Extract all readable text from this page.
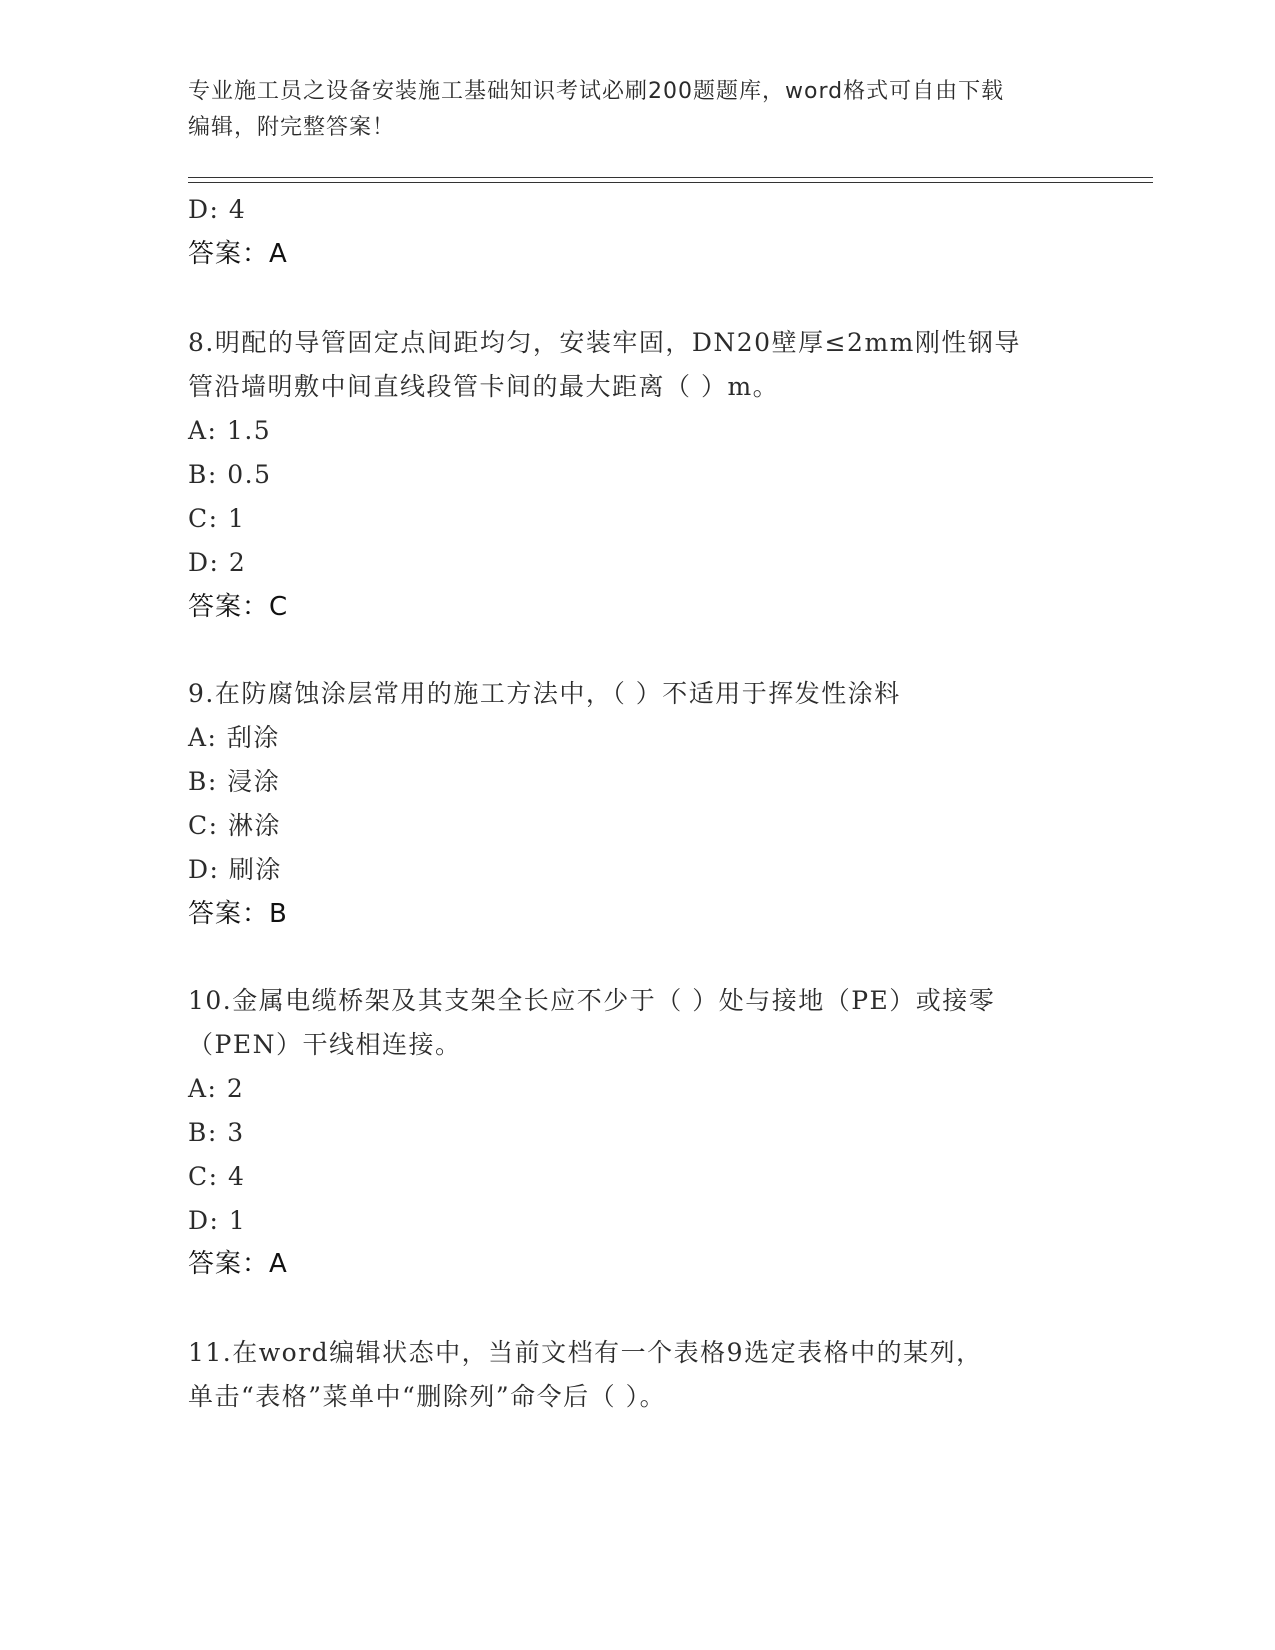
专业施工员之设备安装施工基础知识考试必刷200题题库，word格式可自由下载
编辑，附完整答案！
D: 4
答案：A
8.明配的导管固定点间距均匀，安装牢固，DN20壁厚≤2mm刚性钢导
管沿墙明敷中间直线段管卡间的最大距离（ ）m。
A: 1.5
B: 0.5
C: 1
D: 2
答案：C
9.在防腐蚀涂层常用的施工方法中，（ ）不适用于挥发性涂料
A: 刮涂
B: 浸涂
C: 淋涂
D: 刷涂
答案：B
10.金属电缆桥架及其支架全长应不少于（ ）处与接地（PE）或接零
（PEN）干线相连接。
A: 2
B: 3
C: 4
D: 1
答案：A
11.在word编辑状态中，当前文档有一个表格9选定表格中的某列，
单击“表格”菜单中“删除列”命令后（ ）。
